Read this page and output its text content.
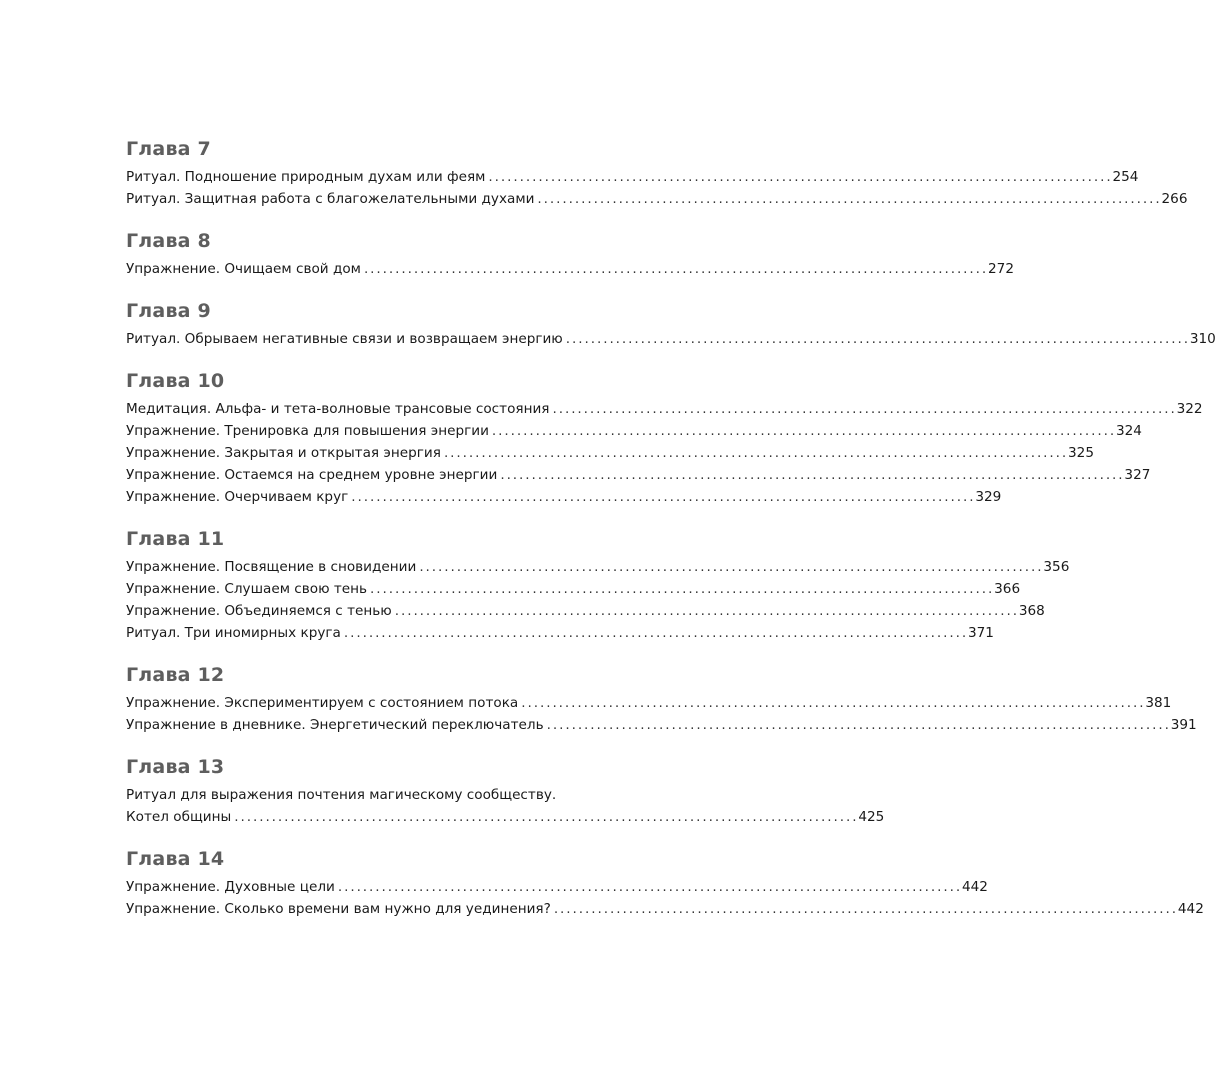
Глава 7
Ритуал. Подношение природным духам или феям . . .	254
Ритуал. Защитная работа с благожелательными духами . . .	266
Глава 8
Упражнение. Очищаем свой дом . . .	272
Глава 9
Ритуал. Обрываем негативные связи и возвращаем энергию . . .	310
Глава 10
Медитация. Альфа- и тета-волновые трансовые состояния . . .	322
Упражнение. Тренировка для повышения энергии . . .	324
Упражнение. Закрытая и открытая энергия . . .	325
Упражнение. Остаемся на среднем уровне энергии . . .	327
Упражнение. Очерчиваем круг . . .	329
Глава 11
Упражнение. Посвящение в сновидении . . .	356
Упражнение. Слушаем свою тень . . .	366
Упражнение. Объединяемся с тенью . . .	368
Ритуал. Три иномирных круга . . .	371
Глава 12
Упражнение. Экспериментируем с состоянием потока . . .	381
Упражнение в дневнике. Энергетический переключатель . . .	391
Глава 13
Ритуал для выражения почтения магическому сообществу.
Котел общины . . .	425
Глава 14
Упражнение. Духовные цели . . .	442
Упражнение. Сколько времени вам нужно для уединения? . . .	442
